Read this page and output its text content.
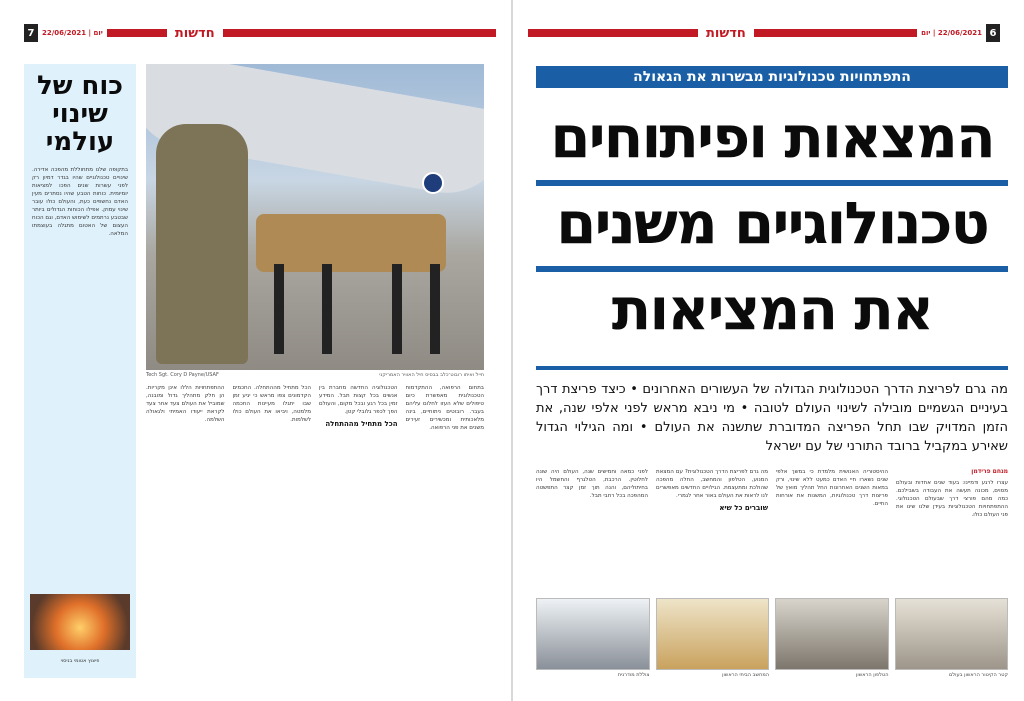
6
22/06/2021 | יום
חדשות
התפתחויות טכנולוגיות מבשרות את הגאולה
המצאות ופיתוחים
טכנולוגיים משנים
את המציאות
מה גרם לפריצת הדרך הטכנולוגית הגדולה של העשורים האחרונים • כיצד פריצת דרך בעיניים הגשמיים מובילה לשינוי העולם לטובה • מי ניבא מראש לפני אלפי שנה, את הזמן המדויק שבו תחל הפריצה המדוברת שתשנה את העולם • ומה הגילוי הגדול שאירע במקביל ברובד התורני של עם ישראל
מנחם פרידמן
עצרו לרגע ודמיינו: בעוד שנים אחדות ובעולם מסוים, מכונה תעשה את העבודה בשבילכם. כמה מהם פורצי דרך שבעולם הטכנולוגי. ההתפתחויות הטכנולוגיות בעידן שלנו שינו את פני העולם כולו.
ההיסטוריה האנושית מלמדת כי במשך אלפי שנים נשארו חיי האדם כמעט ללא שינוי, ורק במאות השנים האחרונות החל תהליך מואץ של פריצות דרך טכנולוגיות, המשנות את אורחות החיים.
מה גרם לפריצת הדרך הטכנולוגית? עם המצאת המנוע, הטלפון והמחשב, החלה מהפכה שהולכת ומתעצמת. הגילויים החדשים מאפשרים לנו לראות את העולם באור אחר לגמרי.
שוברים כל שיא
לפני כמאה וחמישים שנה, העולם היה שונה לחלוטין. הרכבת, הטלגרף והחשמל היו בחיתוליהם, והנה תוך זמן קצר התפשטה המהפכה בכל רחבי תבל.
קטר הקיטור הראשון בעולם
הטלפון הראשון
המחשב הביתי הראשון
צוללת מודרנית
7	22/06/2021 | יום	חדשות
חייל ואיתו רובוט־כלב בבסיס חיל האוויר האמריקני
Tech Sgt. Cory D Payne/USAF
כוח של
שינוי
עולמי
בתקופה שלנו מתחוללת מהפכה אדירה. שינויים טכנולוגיים שהיו בגדר דמיון רק לפני עשרות שנים הפכו למציאות יומיומית. כוחות הטבע שהיו נסתרים מעין האדם נחשפים כעת, והעולם כולו עובר שינוי עמוק. אפילו הכוחות הגדולים ביותר שבטבע נרתמים לשימוש האדם, וגם הכוח העצום של האטום מתגלה בעוצמתו המלאה.
פיצוץ אטומי בניסוי
בתחום הרפואה, ההתקדמות הטכנולוגית מאפשרת כיום טיפולים שלא העזו לחלום עליהם בעבר. רובוטים ניתוחיים, בינה מלאכותית ומכשירים זעירים משנים את פני הרפואה.
הטכנולוגיה החדשה מחברת בין אנשים בכל קצות תבל. המידע זמין בכל רגע ובכל מקום, והעולם הפך לכפר גלובלי קטן.
הכל מתחיל מההתחלה
הכל מתחיל מההתחלה. החכמים הקדמונים צפו מראש כי יגיע זמן שבו יתגלו מעיינות החכמה מלמטה, ויביאו את העולם כולו לשלמות.
ההתפתחויות הללו אינן מקריות. הן חלק מתהליך גדול ומובנה, שמוביל את העולם צעד אחר צעד לקראת ייעודו האמיתי ולגאולה השלמה.
